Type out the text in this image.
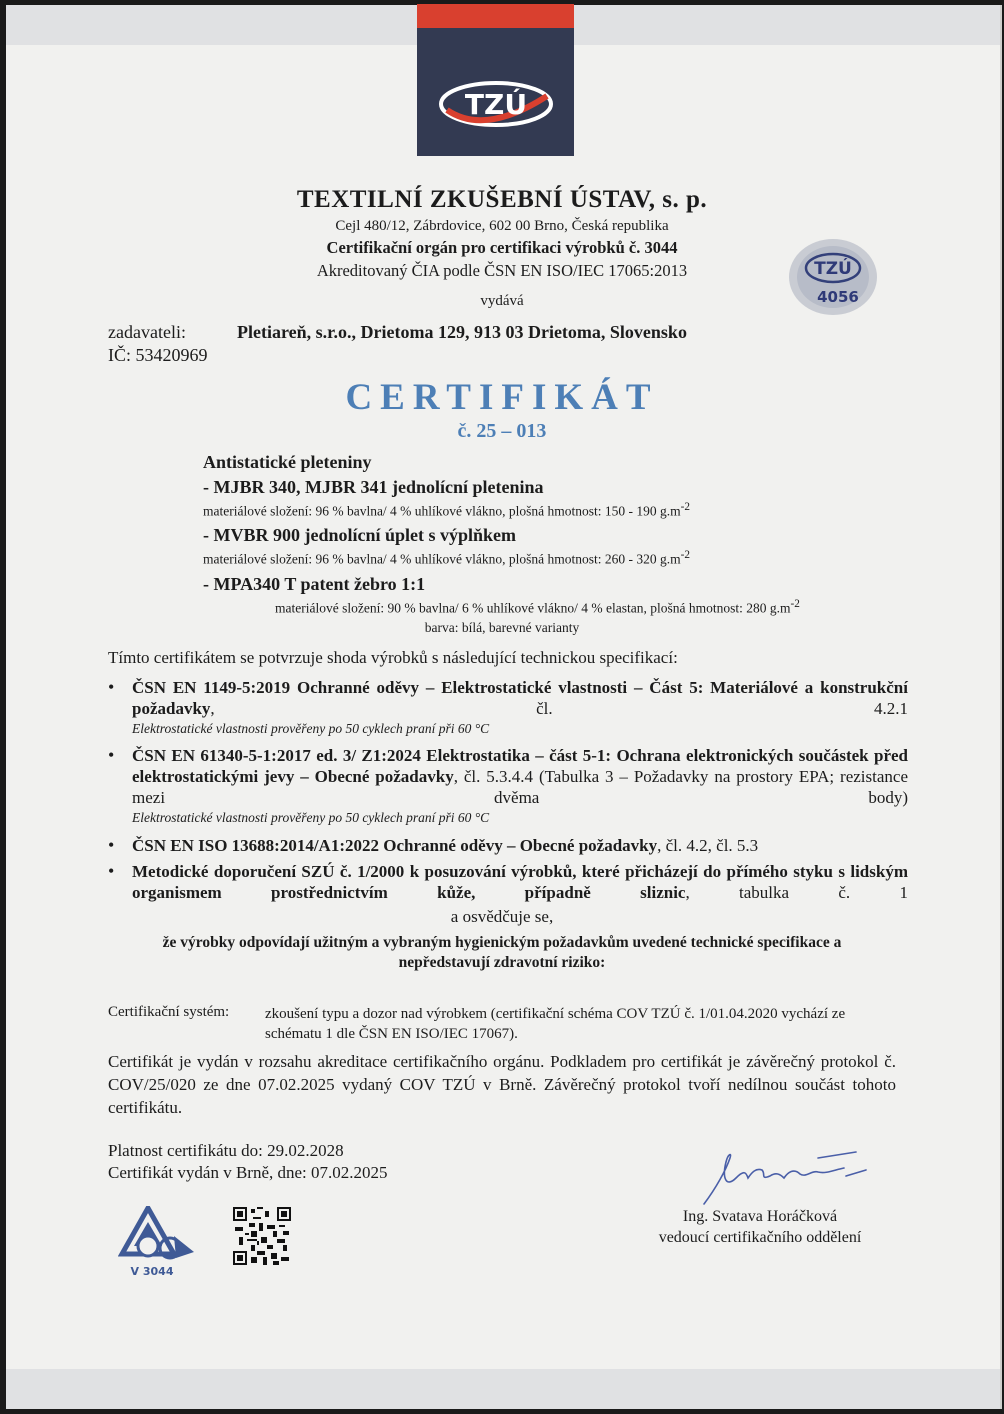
TZÚ
TEXTILNÍ ZKUŠEBNÍ ÚSTAV, s. p.
Cejl 480/12, Zábrdovice, 602 00 Brno, Česká republika
Certifikační orgán pro certifikaci výrobků č. 3044
Akreditovaný ČIA podle ČSN EN ISO/IEC 17065:2013
vydává
TZÚ
4056
zadavateli:	Pletiareň, s.r.o., Drietoma 129, 913 03 Drietoma, Slovensko
IČ: 53420969
CERTIFIKÁT
č. 25 – 013
Antistatické pleteniny
- MJBR 340, MJBR 341 jednolícní pletenina
materiálové složení: 96 % bavlna/ 4 % uhlíkové vlákno, plošná hmotnost: 150 - 190 $g.m^{-2}$
- MVBR 900 jednolícní úplet s výplňkem
materiálové složení: 96 % bavlna/ 4 % uhlíkové vlákno, plošná hmotnost: 260 - 320 $g.m^{-2}$
- MPA340 T patent žebro 1:1
materiálové složení: 90 % bavlna/ 6 % uhlíkové vlákno/ 4 % elastan, plošná hmotnost: 280 $g.m^{-2}$
barva: bílá, barevné varianty
Tímto certifikátem se potvrzuje shoda výrobků s následující technickou specifikací:
• ČSN EN 1149-5:2019 Ochranné oděvy – Elektrostatické vlastnosti – Část 5: Materiálové a konstrukční požadavky, čl. 4.2.1
Elektrostatické vlastnosti prověřeny po 50 cyklech praní při 60 °C
• ČSN EN 61340-5-1:2017 ed. 3/ Z1:2024 Elektrostatika – část 5-1: Ochrana elektronických součástek před elektrostatickými jevy – Obecné požadavky, čl. 5.3.4.4 (Tabulka 3 – Požadavky na prostory EPA; rezistance mezi dvěma body)
Elektrostatické vlastnosti prověřeny po 50 cyklech praní při 60 °C
• ČSN EN ISO 13688:2014/A1:2022 Ochranné oděvy – Obecné požadavky, čl. 4.2, čl. 5.3
• Metodické doporučení SZÚ č. 1/2000 k posuzování výrobků, které přicházejí do přímého styku s lidským organismem prostřednictvím kůže, případně sliznic, tabulka č. 1
a osvědčuje se,
že výrobky odpovídají užitným a vybraným hygienickým požadavkům uvedené technické specifikace a nepředstavují zdravotní riziko:
Certifikační systém: zkoušení typu a dozor nad výrobkem (certifikační schéma COV TZÚ č. 1/01.04.2020 vychází ze schématu 1 dle ČSN EN ISO/IEC 17067).
Certifikát je vydán v rozsahu akreditace certifikačního orgánu. Podkladem pro certifikát je závěrečný protokol č. COV/25/020 ze dne 07.02.2025 vydaný COV TZÚ v Brně. Závěrečný protokol tvoří nedílnou součást tohoto certifikátu.
Platnost certifikátu do: 29.02.2028
Certifikát vydán v Brně, dne: 07.02.2025
V 3044
Ing. Svatava Horáčková
vedoucí certifikačního oddělení
